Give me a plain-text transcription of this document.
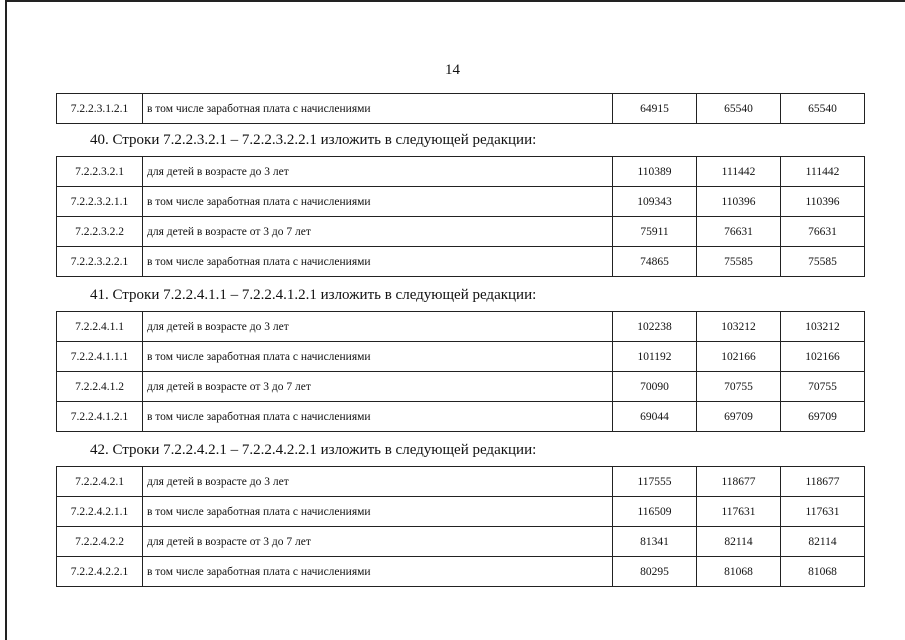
14
7.2.2.3.1.2.1	в том числе заработная плата с начислениями	64915	65540	65540
40. Строки 7.2.2.3.2.1 – 7.2.2.3.2.2.1 изложить в следующей редакции:
7.2.2.3.2.1	для детей в возрасте до 3 лет	110389	111442	111442
7.2.2.3.2.1.1	в том числе заработная плата с начислениями	109343	110396	110396
7.2.2.3.2.2	для детей в возрасте от 3 до 7 лет	75911	76631	76631
7.2.2.3.2.2.1	в том числе заработная плата с начислениями	74865	75585	75585
41. Строки 7.2.2.4.1.1 – 7.2.2.4.1.2.1 изложить в следующей редакции:
7.2.2.4.1.1	для детей в возрасте до 3 лет	102238	103212	103212
7.2.2.4.1.1.1	в том числе заработная плата с начислениями	101192	102166	102166
7.2.2.4.1.2	для детей в возрасте от 3 до 7 лет	70090	70755	70755
7.2.2.4.1.2.1	в том числе заработная плата с начислениями	69044	69709	69709
42. Строки 7.2.2.4.2.1 – 7.2.2.4.2.2.1 изложить в следующей редакции:
7.2.2.4.2.1	для детей в возрасте до 3 лет	117555	118677	118677
7.2.2.4.2.1.1	в том числе заработная плата с начислениями	116509	117631	117631
7.2.2.4.2.2	для детей в возрасте от 3 до 7 лет	81341	82114	82114
7.2.2.4.2.2.1	в том числе заработная плата с начислениями	80295	81068	81068
